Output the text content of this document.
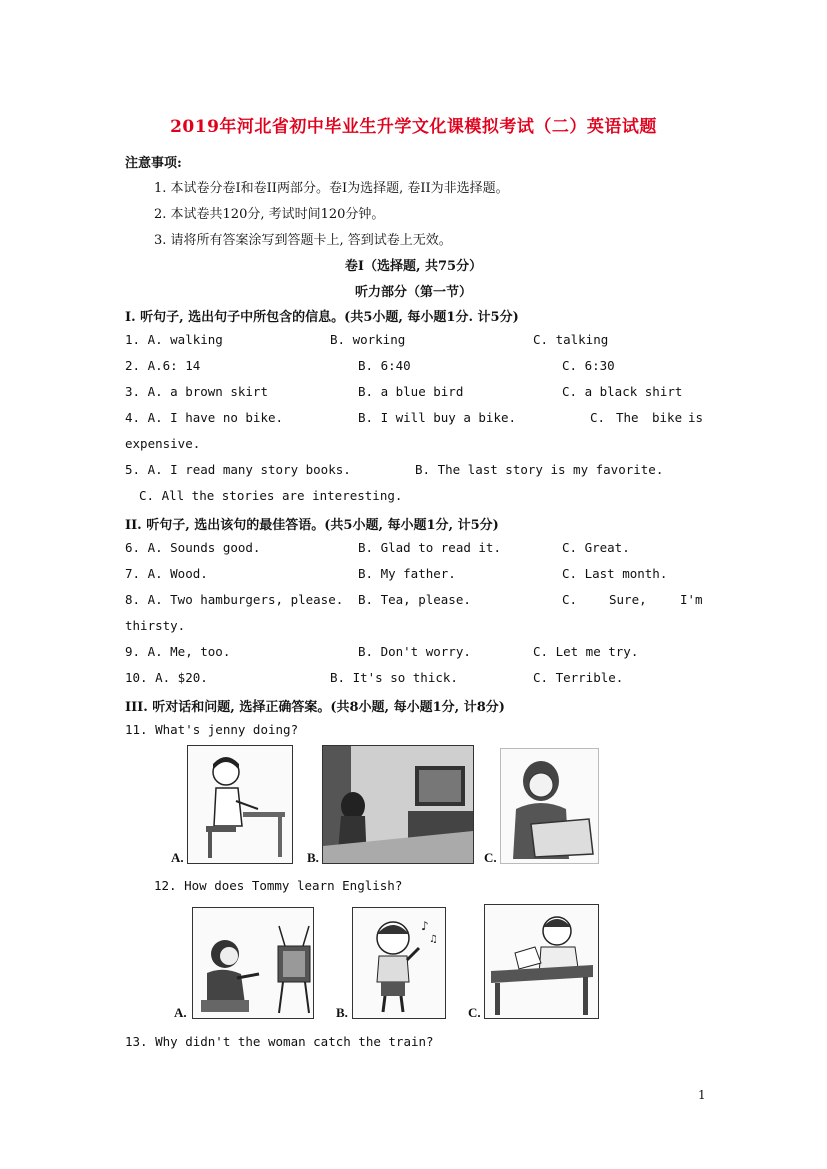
2019年河北省初中毕业生升学文化课模拟考试（二）英语试题
注意事项:
1. 本试卷分卷I和卷II两部分。卷I为选择题, 卷II为非选择题。
2. 本试卷共120分, 考试时间120分钟。
3. 请将所有答案涂写到答题卡上, 答到试卷上无效。
卷I（选择题, 共75分）
听力部分（第一节）
I. 听句子, 选出句子中所包含的信息。(共5小题, 每小题1分. 计5分)
1. A. walking	B. working	C. talking
2. A.6: 14	B. 6:40	C. 6:30
3. A. a brown skirt	B. a blue bird	C. a black shirt
4. A. I have no bike.	B. I will buy a bike.	C. The bike is
expensive.
5. A. I read many story books.	B. The last story is my favorite.
C. All the stories are interesting.
II. 听句子, 选出该句的最佳答语。(共5小题, 每小题1分, 计5分)
6. A. Sounds good.	B. Glad to read it.	C. Great.
7. A. Wood.	B. My father.	C. Last month.
8. A. Two hamburgers, please. B. Tea, please.	C.	Sure,	I'm
thirsty.
9. A. Me, too.	B. Don't worry.	C. Let me try.
10. A. $20.	B. It's so thick.	C. Terrible.
III. 听对话和问题, 选择正确答案。(共8小题, 每小题1分, 计8分)
11. What's jenny doing?
A.	B.	C.
12. How does Tommy learn English?
A.
♪
♫
B.	C.
13. Why didn't the woman catch the train?
1
